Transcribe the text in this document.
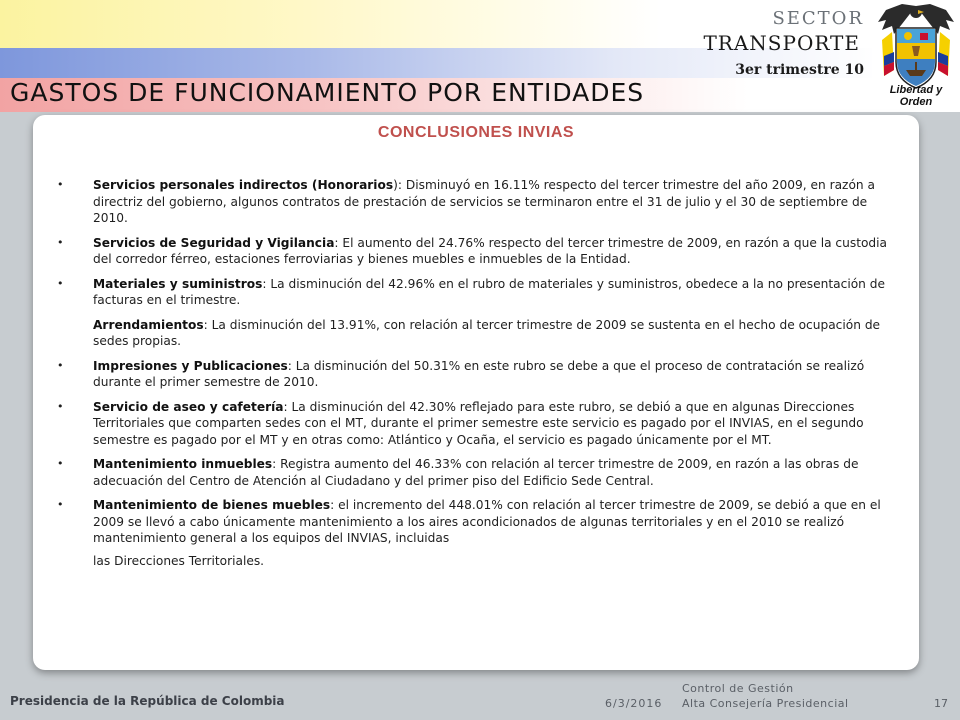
SECTOR
TRANSPORTE
3er trimestre 10
Libertad y Orden
GASTOS DE FUNCIONAMIENTO POR ENTIDADES
CONCLUSIONES INVIAS
• Servicios personales indirectos (Honorarios): Disminuyó en 16.11% respecto del tercer trimestre del año 2009, en razón a directriz del gobierno, algunos contratos de prestación de servicios se terminaron entre el 31 de julio y el 30 de septiembre de 2010.
• Servicios de Seguridad y Vigilancia: El aumento del 24.76% respecto del tercer trimestre de 2009, en razón a que la custodia del corredor férreo, estaciones ferroviarias y bienes muebles e inmuebles de la Entidad.
• Materiales y suministros: La disminución del 42.96% en el rubro de materiales y suministros, obedece a la no presentación de facturas en el trimestre.
Arrendamientos: La disminución del 13.91%, con relación al tercer trimestre de 2009 se sustenta en el hecho de ocupación de sedes propias.
• Impresiones y Publicaciones: La disminución del 50.31% en este rubro se debe a que el proceso de contratación se realizó durante el primer semestre de 2010.
• Servicio de aseo y cafetería: La disminución del 42.30% reflejado para este rubro, se debió a que en algunas Direcciones Territoriales que comparten sedes con el MT, durante el primer semestre este servicio es pagado por el INVIAS, en el segundo semestre es pagado por el MT y en otras como: Atlántico y Ocaña, el servicio es pagado únicamente por el MT.
• Mantenimiento inmuebles: Registra aumento del 46.33% con relación al tercer trimestre de 2009, en razón a las obras de adecuación del Centro de Atención al Ciudadano y del primer piso del Edificio Sede Central.
• Mantenimiento de bienes muebles: el incremento del 448.01% con relación al tercer trimestre de 2009, se debió a que en el 2009 se llevó a cabo únicamente mantenimiento a los aires acondicionados de algunas territoriales y en el 2010 se realizó mantenimiento general a los equipos del INVIAS, incluidas
las Direcciones Territoriales.
Presidencia de la República de Colombia	6/3/2016
Control de Gestión
Alta Consejería Presidencial	17
